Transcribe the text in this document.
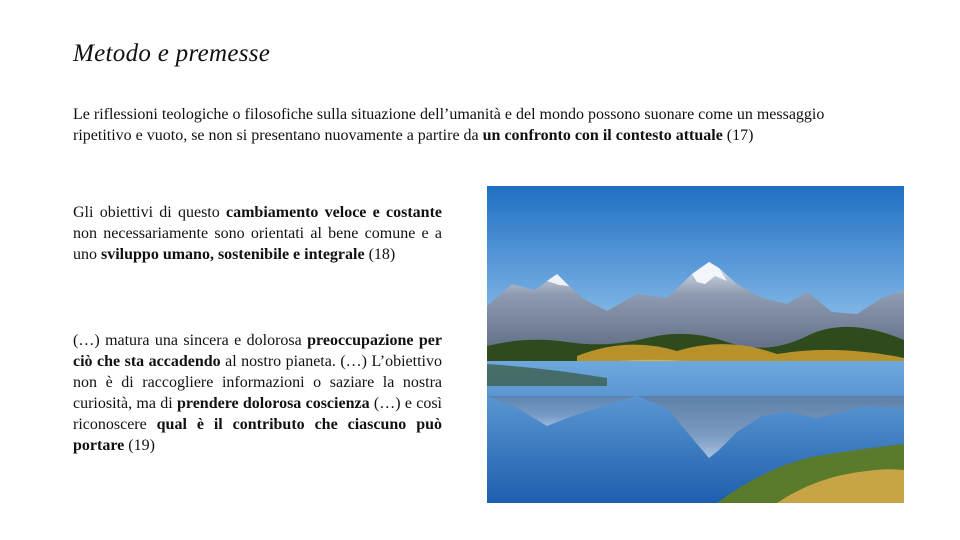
Metodo e premesse
Le riflessioni teologiche o filosofiche sulla situazione dell’umanità e del mondo possono suonare come un messaggio ripetitivo e vuoto, se non si presentano nuovamente a partire da un confronto con il contesto attuale (17)
Gli obiettivi di questo cambiamento veloce e costante non necessariamente sono orientati al bene comune e a uno sviluppo umano, sostenibile e integrale (18)
(…) matura una sincera e dolorosa preoccupazione per ciò che sta accadendo al nostro pianeta. (…) L’obiettivo non è di raccogliere informazioni o saziare la nostra curiosità, ma di prendere dolorosa coscienza (…) e così riconoscere qual è il contributo che ciascuno può portare (19)
